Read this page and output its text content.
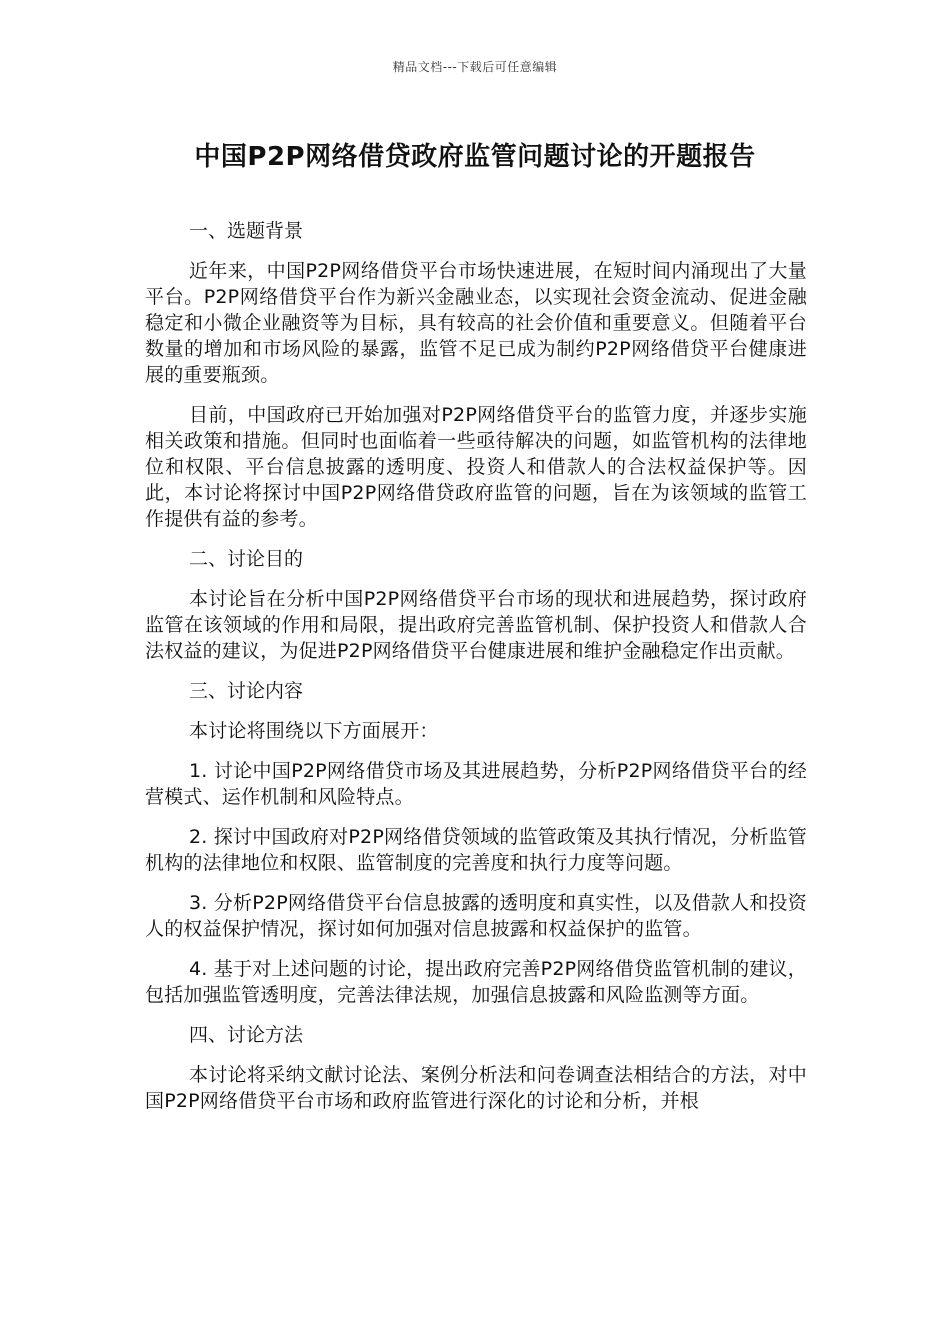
精品文档---下载后可任意编辑
中国P2P网络借贷政府监管问题讨论的开题报告
一、选题背景

近年来，中国P2P网络借贷平台市场快速进展，在短时间内涌现出了大量平台。P2P网络借贷平台作为新兴金融业态，以实现社会资金流动、促进金融稳定和小微企业融资等为目标，具有较高的社会价值和重要意义。但随着平台数量的增加和市场风险的暴露，监管不足已成为制约P2P网络借贷平台健康进展的重要瓶颈。

目前，中国政府已开始加强对P2P网络借贷平台的监管力度，并逐步实施相关政策和措施。但同时也面临着一些亟待解决的问题，如监管机构的法律地位和权限、平台信息披露的透明度、投资人和借款人的合法权益保护等。因此，本讨论将探讨中国P2P网络借贷政府监管的问题，旨在为该领域的监管工作提供有益的参考。

二、讨论目的

本讨论旨在分析中国P2P网络借贷平台市场的现状和进展趋势，探讨政府监管在该领域的作用和局限，提出政府完善监管机制、保护投资人和借款人合法权益的建议，为促进P2P网络借贷平台健康进展和维护金融稳定作出贡献。

三、讨论内容

本讨论将围绕以下方面展开：

1. 讨论中国P2P网络借贷市场及其进展趋势，分析P2P网络借贷平台的经营模式、运作机制和风险特点。

2. 探讨中国政府对P2P网络借贷领域的监管政策及其执行情况，分析监管机构的法律地位和权限、监管制度的完善度和执行力度等问题。

3. 分析P2P网络借贷平台信息披露的透明度和真实性，以及借款人和投资人的权益保护情况，探讨如何加强对信息披露和权益保护的监管。

4. 基于对上述问题的讨论，提出政府完善P2P网络借贷监管机制的建议，包括加强监管透明度，完善法律法规，加强信息披露和风险监测等方面。

四、讨论方法

本讨论将采纳文献讨论法、案例分析法和问卷调查法相结合的方法，对中国P2P网络借贷平台市场和政府监管进行深化的讨论和分析，并根
